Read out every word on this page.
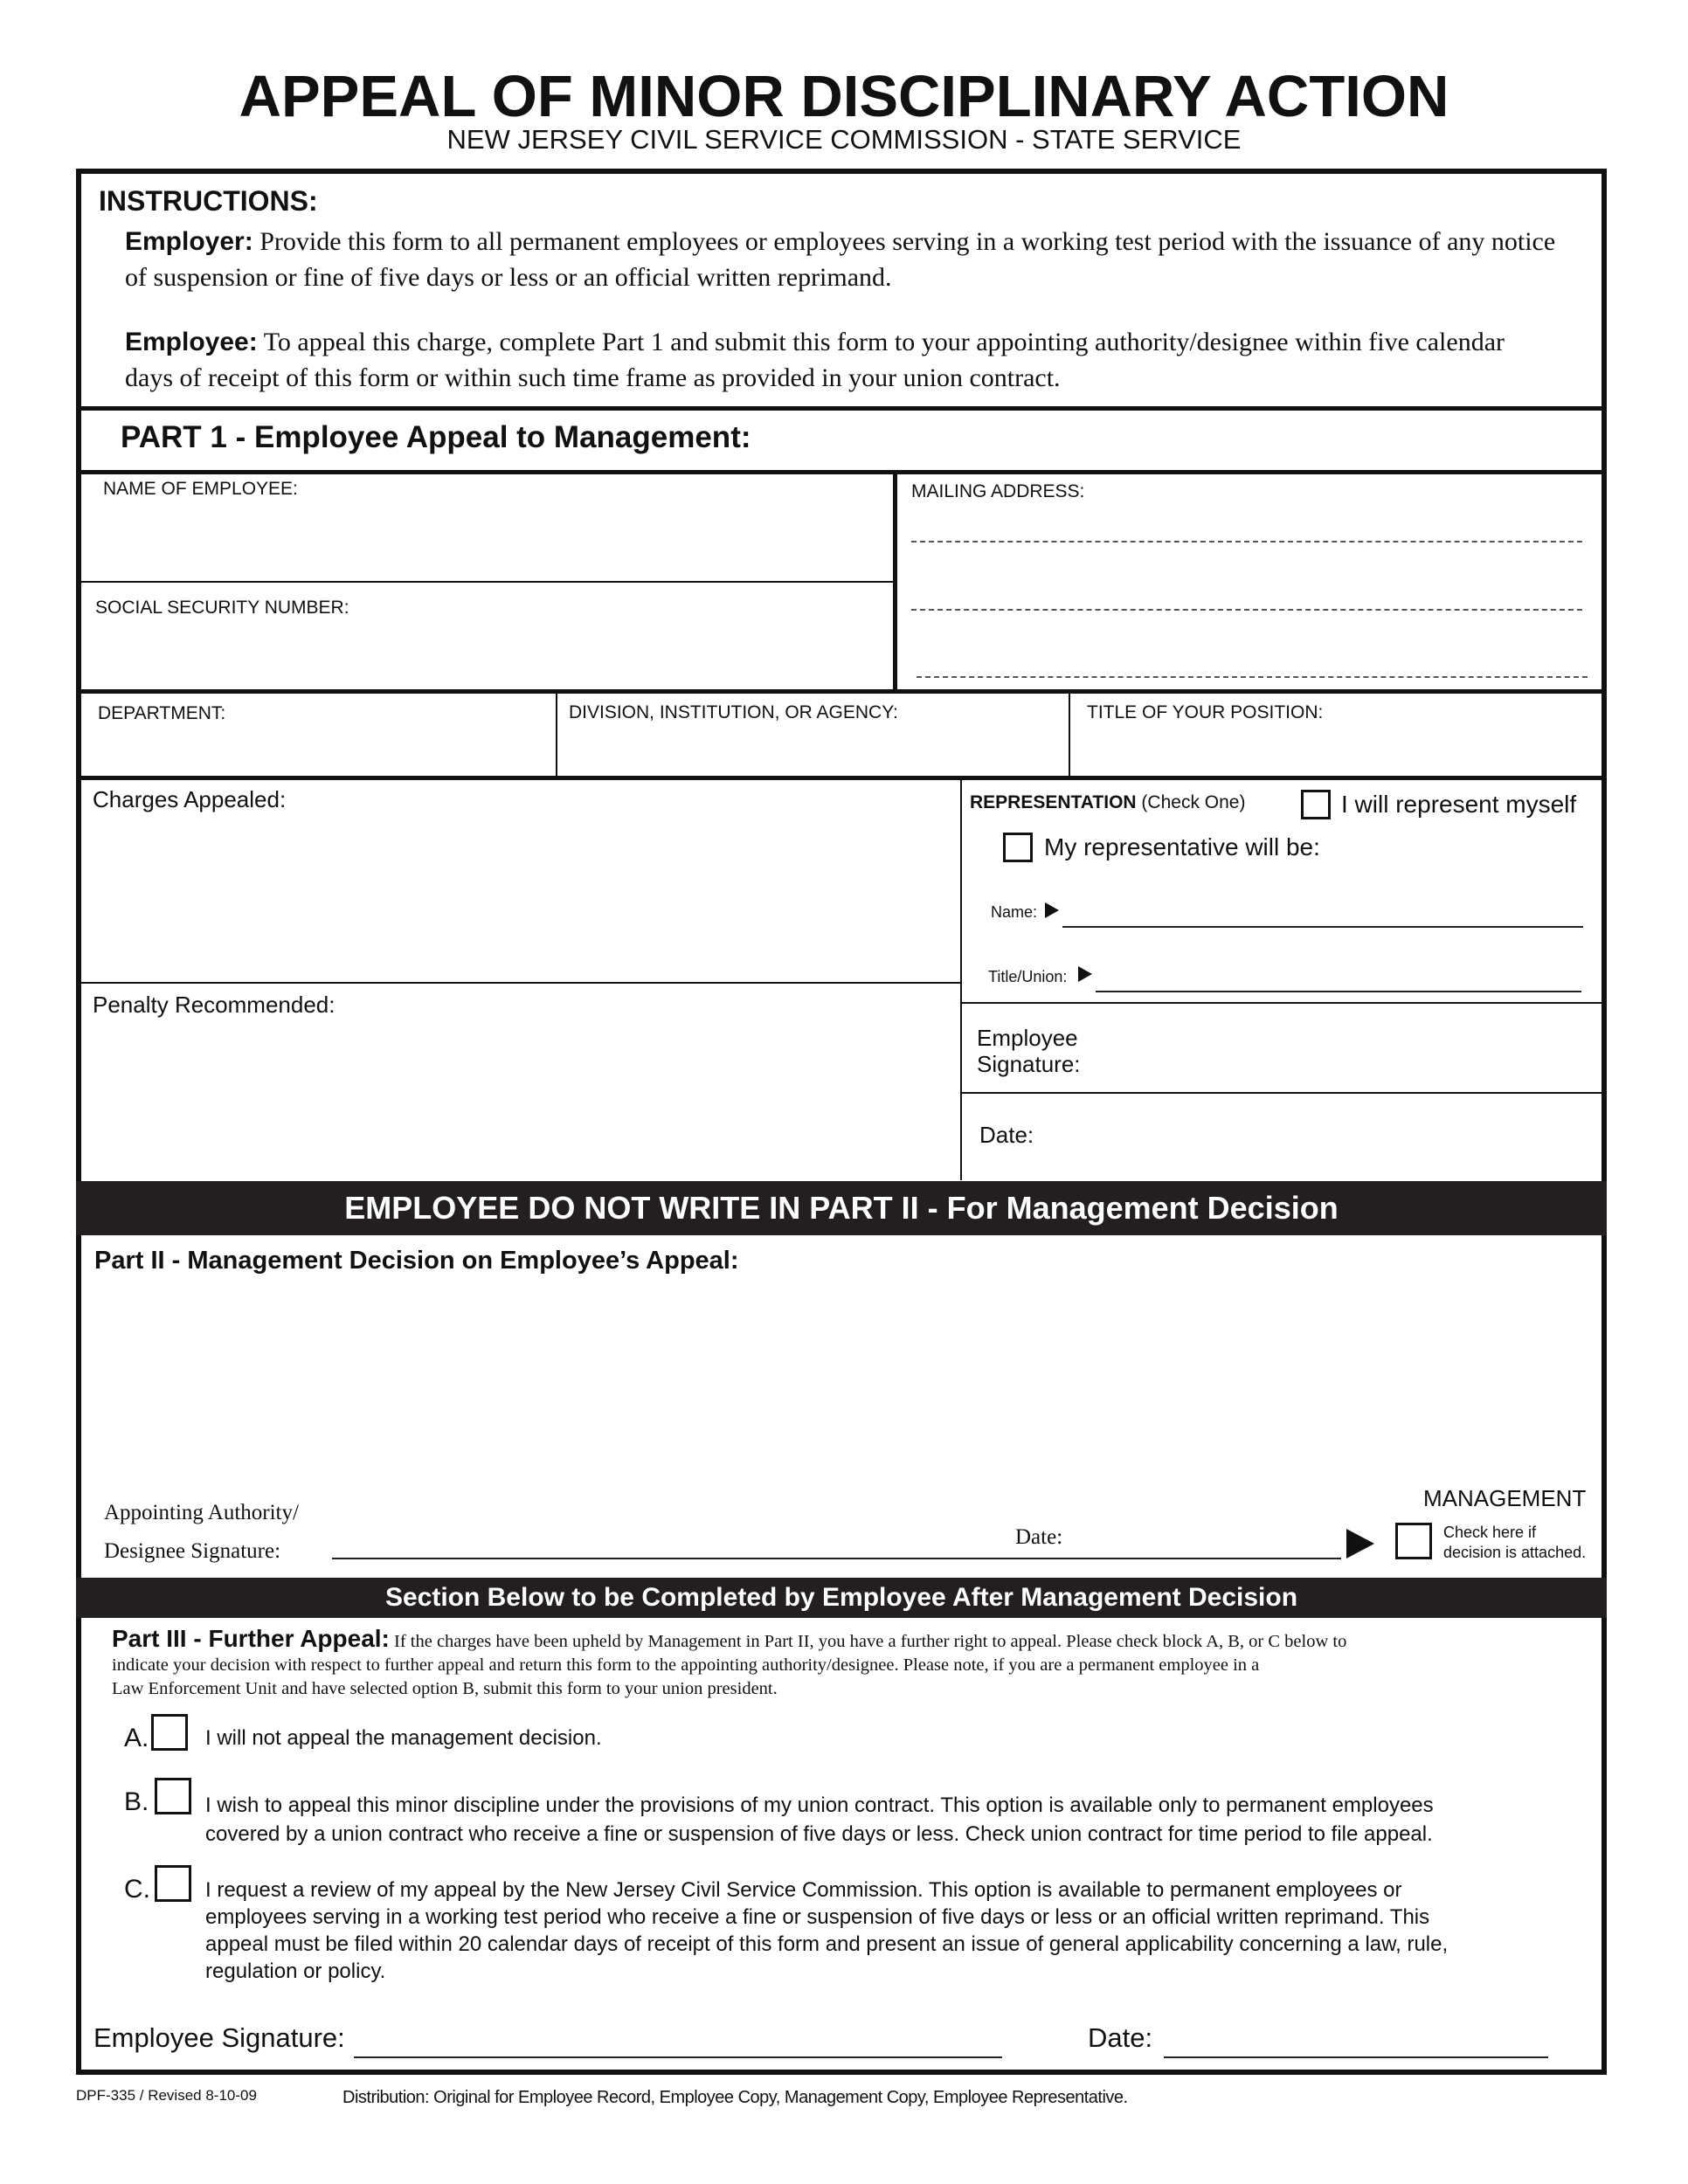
APPEAL OF MINOR DISCIPLINARY ACTION
NEW JERSEY CIVIL SERVICE COMMISSION - STATE SERVICE
INSTRUCTIONS:
Employer: Provide this form to all permanent employees or employees serving in a working test period with the issuance of any notice of suspension or fine of five days or less or an official written reprimand.
Employee: To appeal this charge, complete Part 1 and submit this form to your appointing authority/designee within five calendar days of receipt of this form or within such time frame as provided in your union contract.
PART 1 - Employee Appeal to Management:
NAME OF EMPLOYEE:	MAILING ADDRESS:
SOCIAL SECURITY NUMBER:
DEPARTMENT:	DIVISION, INSTITUTION, OR AGENCY:	TITLE OF YOUR POSITION:
Charges Appealed:
Penalty Recommended:
REPRESENTATION (Check One)	I will represent myself
My representative will be:
Name:
Title/Union:
Employee
Signature:
Date:
EMPLOYEE DO NOT WRITE IN PART II - For Management Decision
Part II - Management Decision on Employee’s Appeal:
Appointing Authority/
Designee Signature:
Date:
MANAGEMENT
Check here if
decision is attached.
Section Below to be Completed by Employee After Management Decision
Part III - Further Appeal: If the charges have been upheld by Management in Part II, you have a further right to appeal. Please check block A, B, or C below to
indicate your decision with respect to further appeal and return this form to the appointing authority/designee. Please note, if you are a permanent employee in a
Law Enforcement Unit and have selected option B, submit this form to your union president.
A.	I will not appeal the management decision.
B.	I wish to appeal this minor discipline under the provisions of my union contract. This option is available only to permanent employees
covered by a union contract who receive a fine or suspension of five days or less. Check union contract for time period to file appeal.
C.	I request a review of my appeal by the New Jersey Civil Service Commission. This option is available to permanent employees or
employees serving in a working test period who receive a fine or suspension of five days or less or an official written reprimand. This
appeal must be filed within 20 calendar days of receipt of this form and present an issue of general applicability concerning a law, rule,
regulation or policy.
Employee Signature:	Date:
DPF-335 / Revised 8-10-09	Distribution: Original for Employee Record, Employee Copy, Management Copy, Employee Representative.
